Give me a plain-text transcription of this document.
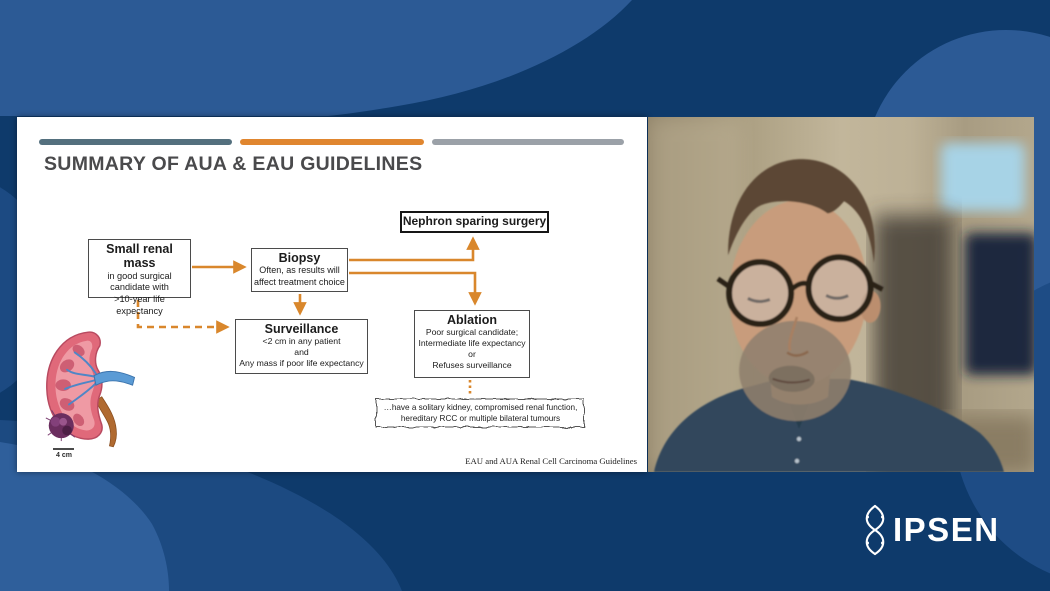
SUMMARY OF AUA & EAU GUIDELINES
Nephron sparing surgery
Small renal mass
in good surgical
candidate with
>10-year life
expectancy
Biopsy
Often, as results will
affect treatment choice
Surveillance
<2 cm in any patient
and
Any mass if poor life expectancy
Ablation
Poor surgical candidate;
Intermediate life expectancy
or
Refuses surveillance
…have a solitary kidney, compromised renal function,
hereditary RCC or multiple bilateral tumours
4 cm
EAU and AUA Renal Cell Carcinoma Guidelines
IPSEN
